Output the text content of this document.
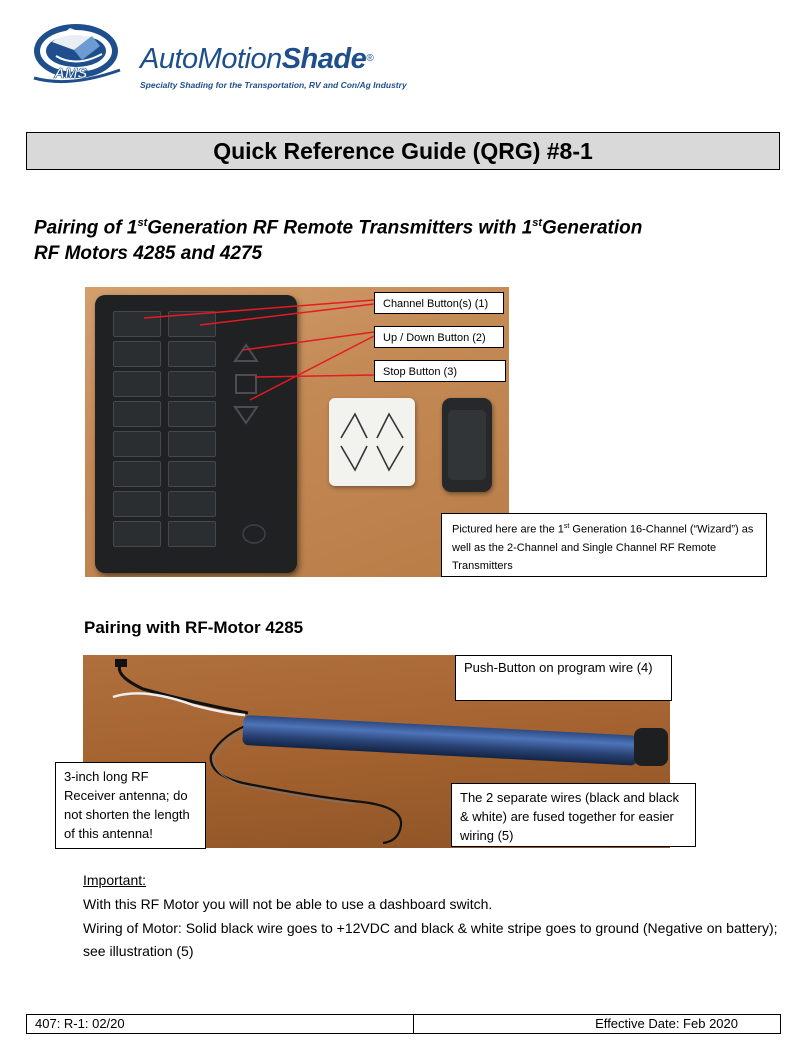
AMS AutoMotionShade®
Specialty Shading for the Transportation, RV and Con/Ag Industry
Quick Reference Guide (QRG) #8-1
Pairing of 1stGeneration RF Remote Transmitters with 1stGeneration
RF Motors 4285 and 4275
Channel Button(s) (1)
Up / Down Button (2)
Stop Button (3)
Pictured here are the 1st Generation 16-Channel (“Wizard”) as well as the 2-Channel and Single Channel RF Remote Transmitters
Pairing with RF-Motor 4285
Push-Button on program wire (4)
3-inch long RF Receiver antenna; do not shorten the length of this antenna!
The 2 separate wires (black and black & white) are fused together for easier wiring (5)
Important:
With this RF Motor you will not be able to use a dashboard switch.
Wiring of Motor: Solid black wire goes to +12VDC and black & white stripe goes to ground (Negative on battery); see illustration (5)
407: R-1: 02/20	Effective Date: Feb 2020
